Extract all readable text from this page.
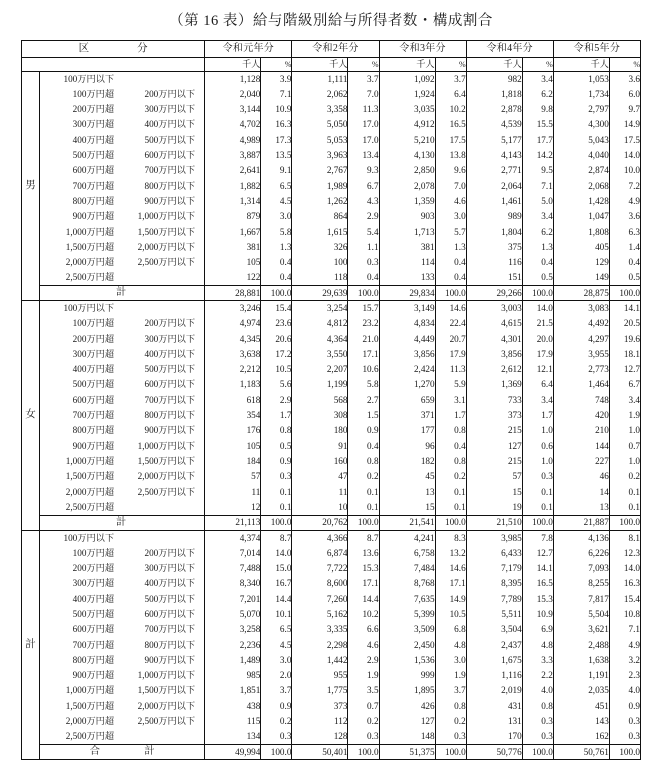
（第 16 表）給与階級別給与所得者数・構成割合
区　　分		令和元年分		令和2年分		令和3年分		令和4年分		令和5年分	
		千人	%	千人	%	千人	%	千人	%	千人	%
男	100万円以下	1,128	3.9	1,111	3.7	1,092	3.7	982	3.4	1,053	3.6
	100万円超 200万円以下	2,040	7.1	2,062	7.0	1,924	6.4	1,818	6.2	1,734	6.0
	200万円超 300万円以下	3,144	10.9	3,358	11.3	3,035	10.2	2,878	9.8	2,797	9.7
	300万円超 400万円以下	4,702	16.3	5,050	17.0	4,912	16.5	4,539	15.5	4,300	14.9
	400万円超 500万円以下	4,989	17.3	5,053	17.0	5,210	17.5	5,177	17.7	5,043	17.5
	500万円超 600万円以下	3,887	13.5	3,963	13.4	4,130	13.8	4,143	14.2	4,040	14.0
	600万円超 700万円以下	2,641	9.1	2,767	9.3	2,850	9.6	2,771	9.5	2,874	10.0
	700万円超 800万円以下	1,882	6.5	1,989	6.7	2,078	7.0	2,064	7.1	2,068	7.2
	800万円超 900万円以下	1,314	4.5	1,262	4.3	1,359	4.6	1,461	5.0	1,428	4.9
	900万円超 1,000万円以下	879	3.0	864	2.9	903	3.0	989	3.4	1,047	3.6
	1,000万円超 1,500万円以下	1,667	5.8	1,615	5.4	1,713	5.7	1,804	6.2	1,808	6.3
	1,500万円超 2,000万円以下	381	1.3	326	1.1	381	1.3	375	1.3	405	1.4
	2,000万円超 2,500万円以下	105	0.4	100	0.3	114	0.4	116	0.4	129	0.4
	2,500万円超	122	0.4	118	0.4	133	0.4	151	0.5	149	0.5
	計	28,881	100.0	29,639	100.0	29,834	100.0	29,266	100.0	28,875	100.0
女	100万円以下	3,246	15.4	3,254	15.7	3,149	14.6	3,003	14.0	3,083	14.1
	100万円超 200万円以下	4,974	23.6	4,812	23.2	4,834	22.4	4,615	21.5	4,492	20.5
	200万円超 300万円以下	4,345	20.6	4,364	21.0	4,449	20.7	4,301	20.0	4,297	19.6
	300万円超 400万円以下	3,638	17.2	3,550	17.1	3,856	17.9	3,856	17.9	3,955	18.1
	400万円超 500万円以下	2,212	10.5	2,207	10.6	2,424	11.3	2,612	12.1	2,773	12.7
	500万円超 600万円以下	1,183	5.6	1,199	5.8	1,270	5.9	1,369	6.4	1,464	6.7
	600万円超 700万円以下	618	2.9	568	2.7	659	3.1	733	3.4	748	3.4
	700万円超 800万円以下	354	1.7	308	1.5	371	1.7	373	1.7	420	1.9
	800万円超 900万円以下	176	0.8	180	0.9	177	0.8	215	1.0	210	1.0
	900万円超 1,000万円以下	105	0.5	91	0.4	96	0.4	127	0.6	144	0.7
	1,000万円超 1,500万円以下	184	0.9	160	0.8	182	0.8	215	1.0	227	1.0
	1,500万円超 2,000万円以下	57	0.3	47	0.2	45	0.2	57	0.3	46	0.2
	2,000万円超 2,500万円以下	11	0.1	11	0.1	13	0.1	15	0.1	14	0.1
	2,500万円超	12	0.1	10	0.1	15	0.1	19	0.1	13	0.1
	計	21,113	100.0	20,762	100.0	21,541	100.0	21,510	100.0	21,887	100.0
計	100万円以下	4,374	8.7	4,366	8.7	4,241	8.3	3,985	7.8	4,136	8.1
	100万円超 200万円以下	7,014	14.0	6,874	13.6	6,758	13.2	6,433	12.7	6,226	12.3
	200万円超 300万円以下	7,488	15.0	7,722	15.3	7,484	14.6	7,179	14.1	7,093	14.0
	300万円超 400万円以下	8,340	16.7	8,600	17.1	8,768	17.1	8,395	16.5	8,255	16.3
	400万円超 500万円以下	7,201	14.4	7,260	14.4	7,635	14.9	7,789	15.3	7,817	15.4
	500万円超 600万円以下	5,070	10.1	5,162	10.2	5,399	10.5	5,511	10.9	5,504	10.8
	600万円超 700万円以下	3,258	6.5	3,335	6.6	3,509	6.8	3,504	6.9	3,621	7.1
	700万円超 800万円以下	2,236	4.5	2,298	4.6	2,450	4.8	2,437	4.8	2,488	4.9
	800万円超 900万円以下	1,489	3.0	1,442	2.9	1,536	3.0	1,675	3.3	1,638	3.2
	900万円超 1,000万円以下	985	2.0	955	1.9	999	1.9	1,116	2.2	1,191	2.3
	1,000万円超 1,500万円以下	1,851	3.7	1,775	3.5	1,895	3.7	2,019	4.0	2,035	4.0
	1,500万円超 2,000万円以下	438	0.9	373	0.7	426	0.8	431	0.8	451	0.9
	2,000万円超 2,500万円以下	115	0.2	112	0.2	127	0.2	131	0.3	143	0.3
	2,500万円超	134	0.3	128	0.3	148	0.3	170	0.3	162	0.3
	合　　計	49,994	100.0	50,401	100.0	51,375	100.0	50,776	100.0	50,761	100.0
